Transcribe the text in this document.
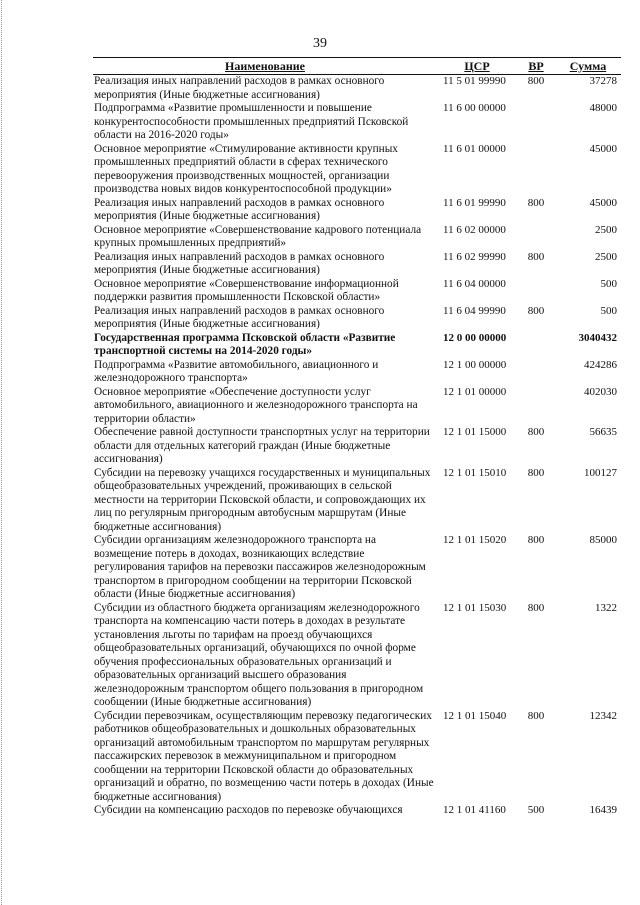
39
Наименование	ЦСР	ВР	Сумма
Реализация иных направлений расходов в рамках основного мероприятия (Иные бюджетные ассигнования)	11 5 01 99990	800	37278
Подпрограмма «Развитие промышленности и повышение конкурентоспособности промышленных предприятий Псковской области на 2016-2020 годы»	11 6 00 00000		48000
Основное мероприятие «Стимулирование активности крупных промышленных предприятий области в сферах технического перевооружения производственных мощностей, организации производства новых видов конкурентоспособной продукции»	11 6 01 00000		45000
Реализация иных направлений расходов в рамках основного мероприятия (Иные бюджетные ассигнования)	11 6 01 99990	800	45000
Основное мероприятие «Совершенствование кадрового потенциала крупных промышленных предприятий»	11 6 02 00000		2500
Реализация иных направлений расходов в рамках основного мероприятия (Иные бюджетные ассигнования)	11 6 02 99990	800	2500
Основное мероприятие «Совершенствование информационной поддержки развития промышленности Псковской области»	11 6 04 00000		500
Реализация иных направлений расходов в рамках основного мероприятия (Иные бюджетные ассигнования)	11 6 04 99990	800	500
Государственная программа Псковской области «Развитие транспортной системы на 2014-2020 годы»	12 0 00 00000		3040432
Подпрограмма «Развитие автомобильного, авиационного и железнодорожного транспорта»	12 1 00 00000		424286
Основное мероприятие «Обеспечение доступности услуг автомобильного, авиационного и железнодорожного транспорта на территории области»	12 1 01 00000		402030
Обеспечение равной доступности транспортных услуг на территории области для отдельных категорий граждан (Иные бюджетные ассигнования)	12 1 01 15000	800	56635
Субсидии на перевозку учащихся государственных и муниципальных общеобразовательных учреждений, проживающих в сельской местности на территории Псковской области, и сопровождающих их лиц по регулярным пригородным автобусным маршрутам (Иные бюджетные ассигнования)	12 1 01 15010	800	100127
Субсидии организациям железнодорожного транспорта на возмещение потерь в доходах, возникающих вследствие регулирования тарифов на перевозки пассажиров железнодорожным транспортом в пригородном сообщении на территории Псковской области (Иные бюджетные ассигнования)	12 1 01 15020	800	85000
Субсидии из областного бюджета организациям железнодорожного транспорта на компенсацию части потерь в доходах в результате установления льготы по тарифам на проезд обучающихся общеобразовательных организаций, обучающихся по очной форме обучения профессиональных образовательных организаций и образовательных организаций высшего образования железнодорожным транспортом общего пользования в пригородном сообщении (Иные бюджетные ассигнования)	12 1 01 15030	800	1322
Субсидии перевозчикам, осуществляющим перевозку педагогических работников общеобразовательных и дошкольных образовательных организаций автомобильным транспортом по маршрутам регулярных пассажирских перевозок в межмуниципальном и пригородном сообщении на территории Псковской области до образовательных организаций и обратно, по возмещению части потерь в доходах (Иные бюджетные ассигнования)	12 1 01 15040	800	12342
Субсидии на компенсацию расходов по перевозке обучающихся	12 1 01 41160	500	16439
